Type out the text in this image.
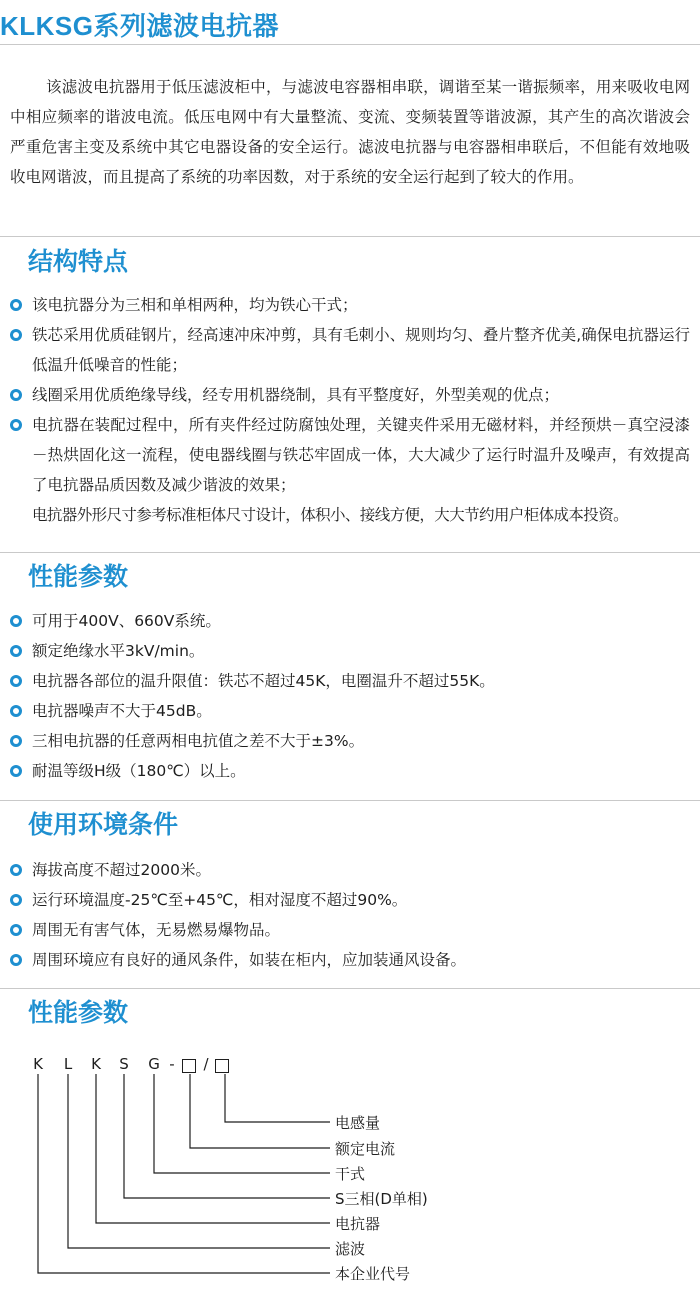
KLKSG系列滤波电抗器

该滤波电抗器用于低压滤波柜中，与滤波电容器相串联，调谐至某一谐振频率，用来吸收电网中相应频率的谐波电流。低压电网中有大量整流、变流、变频装置等谐波源，其产生的高次谐波会严重危害主变及系统中其它电器设备的安全运行。滤波电抗器与电容器相串联后，不但能有效地吸收电网谐波，而且提高了系统的功率因数，对于系统的安全运行起到了较大的作用。

结构特点
该电抗器分为三相和单相两种，均为铁心干式；
铁芯采用优质硅钢片，经高速冲床冲剪，具有毛刺小、规则均匀、叠片整齐优美,确保电抗器运行低温升低噪音的性能；
线圈采用优质绝缘导线，经专用机器绕制，具有平整度好，外型美观的优点；
电抗器在装配过程中，所有夹件经过防腐蚀处理，关键夹件采用无磁材料，并经预烘－真空浸漆－热烘固化这一流程，使电器线圈与铁芯牢固成一体，大大减少了运行时温升及噪声，有效提高了电抗器品质因数及减少谐波的效果；
电抗器外形尺寸参考标准柜体尺寸设计，体积小、接线方便，大大节约用户柜体成本投资。
性能参数
可用于400V、660V系统。
额定绝缘水平3kV/min。
电抗器各部位的温升限值：铁芯不超过45K，电圈温升不超过55K。
电抗器噪声不大于45dB。
三相电抗器的任意两相电抗值之差不大于±3%。
耐温等级H级（180℃）以上。
使用环境条件
海拔高度不超过2000米。
运行环境温度-25℃至+45℃，相对湿度不超过90%。
周围无有害气体，无易燃易爆物品。
周围环境应有良好的通风条件，如装在柜内，应加装通风设备。
性能参数
K L K S G - /
电感量
额定电流
干式
S三相(D单相)
电抗器
滤波
本企业代号
